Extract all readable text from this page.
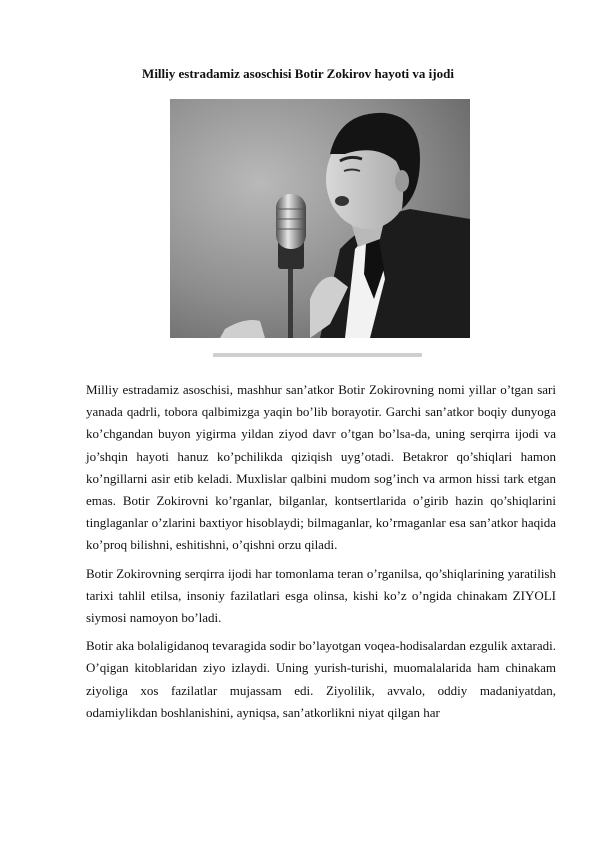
Milliy estradamiz asoschisi Botir Zokirov hayoti va ijodi

Milliy estradamiz asoschisi, mashhur san’atkor Botir Zokirovning nomi yillar o’tgan sari yanada qadrli, tobora qalbimizga yaqin bo’lib borayotir. Garchi san’atkor boqiy dunyoga ko’chgandan buyon yigirma yildan ziyod davr o’tgan bo’lsa-da, uning serqirra ijodi va jo’shqin hayoti hanuz ko’pchilikda qiziqish uyg’otadi. Betakror qo’shiqlari hamon ko’ngillarni asir etib keladi. Muxlislar qalbini mudom sog’inch va armon hissi tark etgan emas. Botir Zokirovni ko’rganlar, bilganlar, kontsertlarida o’girib hazin qo’shiqlarini tinglaganlar o’zlarini baxtiyor hisoblaydi; bilmaganlar, ko’rmaganlar esa san’atkor haqida ko’proq bilishni, eshitishni, o’qishni orzu qiladi.

Botir Zokirovning serqirra ijodi har tomonlama teran o’rganilsa, qo’shiqlarining yaratilish tarixi tahlil etilsa, insoniy fazilatlari esga olinsa, kishi ko’z o’ngida chinakam ZIYOLI siymosi namoyon bo’ladi.

Botir aka bolaligidanoq tevaragida sodir bo’layotgan voqea-hodisalardan ezgulik axtaradi. O’qigan kitoblaridan ziyo izlaydi. Uning yurish-turishi, muomalalarida ham chinakam ziyoliga xos fazilatlar mujassam edi. Ziyolilik, avvalo, oddiy madaniyatdan, odamiylikdan boshlanishini, ayniqsa, san’atkorlikni niyat qilgan har
